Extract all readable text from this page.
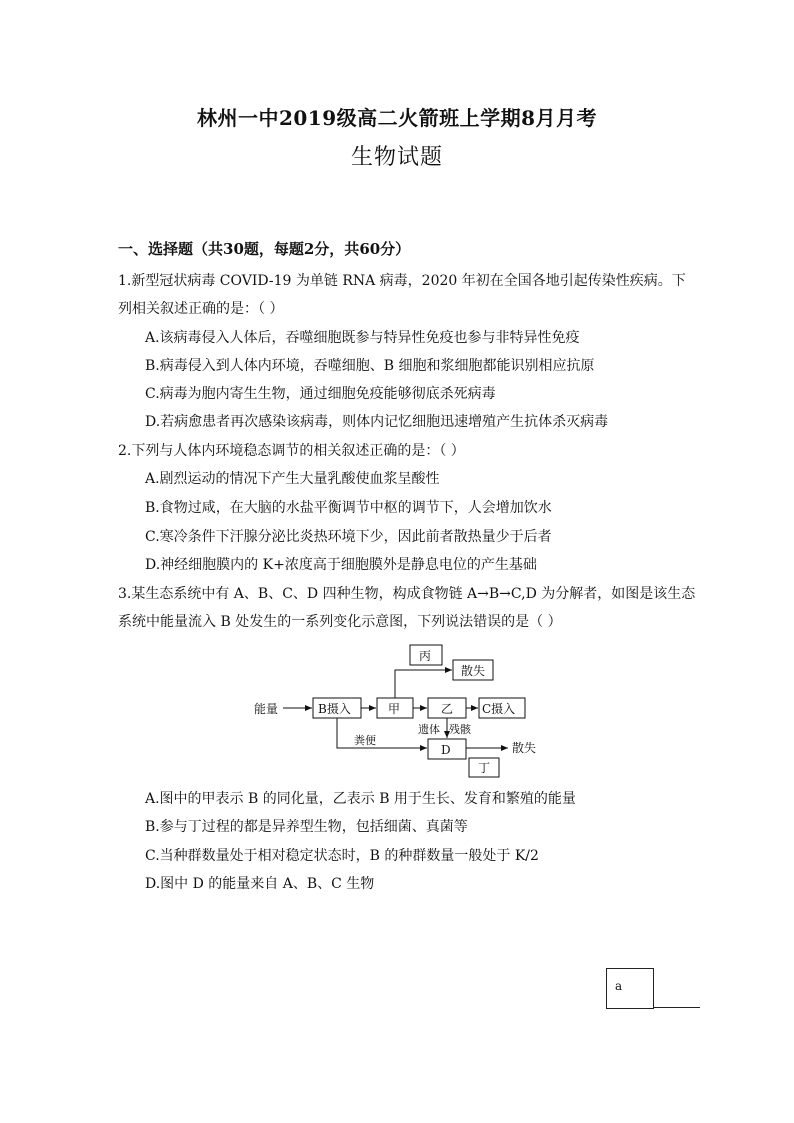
林州一中2019级高二火箭班上学期8月月考
生物试题
一、选择题（共30题，每题2分，共60分）
1.新型冠状病毒 COVID-19 为单链 RNA 病毒，2020 年初在全国各地引起传染性疾病。下
列相关叙述正确的是：（ ）
A.该病毒侵入人体后，吞噬细胞既参与特异性免疫也参与非特异性免疫
B.病毒侵入到人体内环境，吞噬细胞、B 细胞和浆细胞都能识别相应抗原
C.病毒为胞内寄生生物，通过细胞免疫能够彻底杀死病毒
D.若病愈患者再次感染该病毒，则体内记忆细胞迅速增殖产生抗体杀灭病毒
2.下列与人体内环境稳态调节的相关叙述正确的是：（ ）
A.剧烈运动的情况下产生大量乳酸使血浆呈酸性
B.食物过咸，在大脑的水盐平衡调节中枢的调节下，人会增加饮水
C.寒冷条件下汗腺分泌比炎热环境下少，因此前者散热量少于后者
D.神经细胞膜内的 K+浓度高于细胞膜外是静息电位的产生基础
3.某生态系统中有 A、B、C、D 四种生物，构成食物链 A→B→C,D 为分解者，如图是该生态
系统中能量流入 B 处发生的一系列变化示意图，下列说法错误的是（ ）
能量	B摄入	甲	乙 C摄入
丙
散失
D	散失
丁
粪便
遗体 残骸
A.图中的甲表示 B 的同化量，乙表示 B 用于生长、发育和繁殖的能量
B.参与丁过程的都是异养型生物，包括细菌、真菌等
C.当种群数量处于相对稳定状态时，B 的种群数量一般处于 K/2
D.图中 D 的能量来自 A、B、C 生物
a
